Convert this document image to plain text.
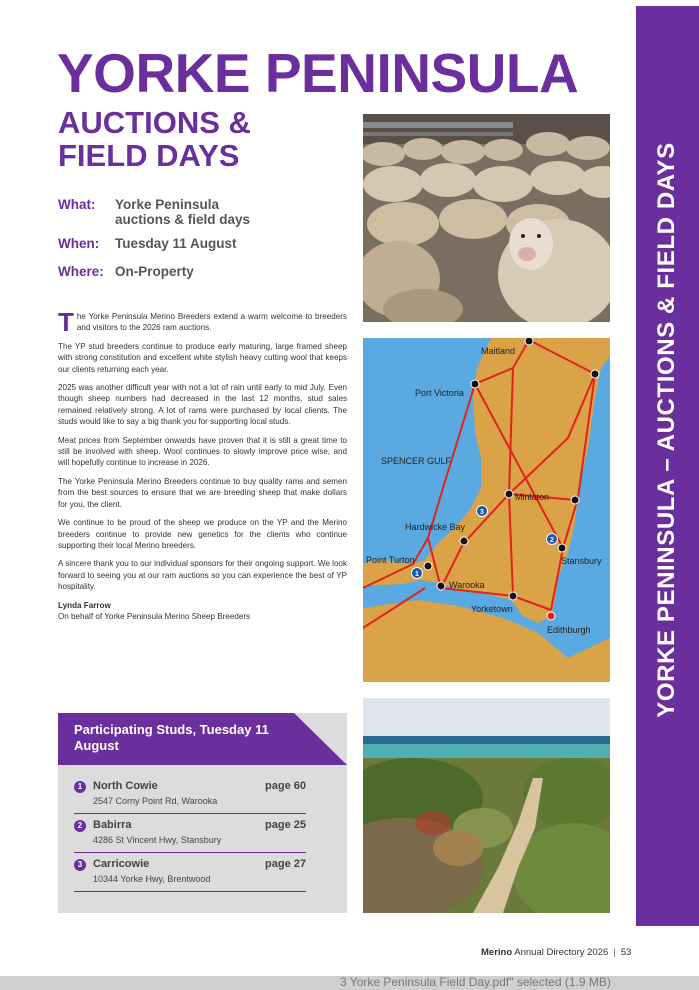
YORKE PENINSULA – AUCTIONS & FIELD DAYS
YORKE PENINSULA
AUCTIONS & FIELD DAYS
What: Yorke Peninsula auctions & field days
When: Tuesday 11 August
Where: On-Property

The Yorke Peninsula Merino Breeders extend a warm welcome to breeders and visitors to the 2026 ram auctions.

The YP stud breeders continue to produce early maturing, large framed sheep with strong constitution and excellent white stylish heavy cutting wool that keeps our clients returning each year.

2025 was another difficult year with not a lot of rain until early to mid July. Even though sheep numbers had decreased in the last 12 months, stud sales remained relatively strong. A lot of rams were purchased by local clients. The studs would like to say a big thank you for supporting local studs.

Meat prices from September onwards have proven that it is still a great time to still be involved with sheep. Wool continues to slowly improve price wise, and will hopefully continue to increase in 2026.

The Yorke Peninsula Merino Breeders continue to buy quality rams and semen from the best sources to ensure that we are breeding sheep that make dollars for you, the client.

We continue to be proud of the sheep we produce on the YP and the Merino breeders continue to provide new genetics for the clients who continue supporting their local Merino breeders.

A sincere thank you to our individual sponsors for their ongoing support. We look forward to seeing you at our ram auctions so you can experience the best of YP hospitality.

Lynda Farrow
On behalf of Yorke Peninsula Merino Sheep Breeders
Maitland
Port Victoria
SPENCER GULF
Minlaton
Hardwicke Bay
Stansbury
Point Turton
Warooka
Yorketown
Edithburgh
1
2
3
Participating Studs, Tuesday 11 August
1 North Cowie	page 60
2547 Corny Point Rd, Warooka
2 Babirra	page 25
4286 St Vincent Hwy, Stansbury
3 Carricowie	page 27
10344 Yorke Hwy, Brentwood
Merino Annual Directory 2026 | 53
3 Yorke Peninsula Field Day.pdf" selected (1.9 MB)
